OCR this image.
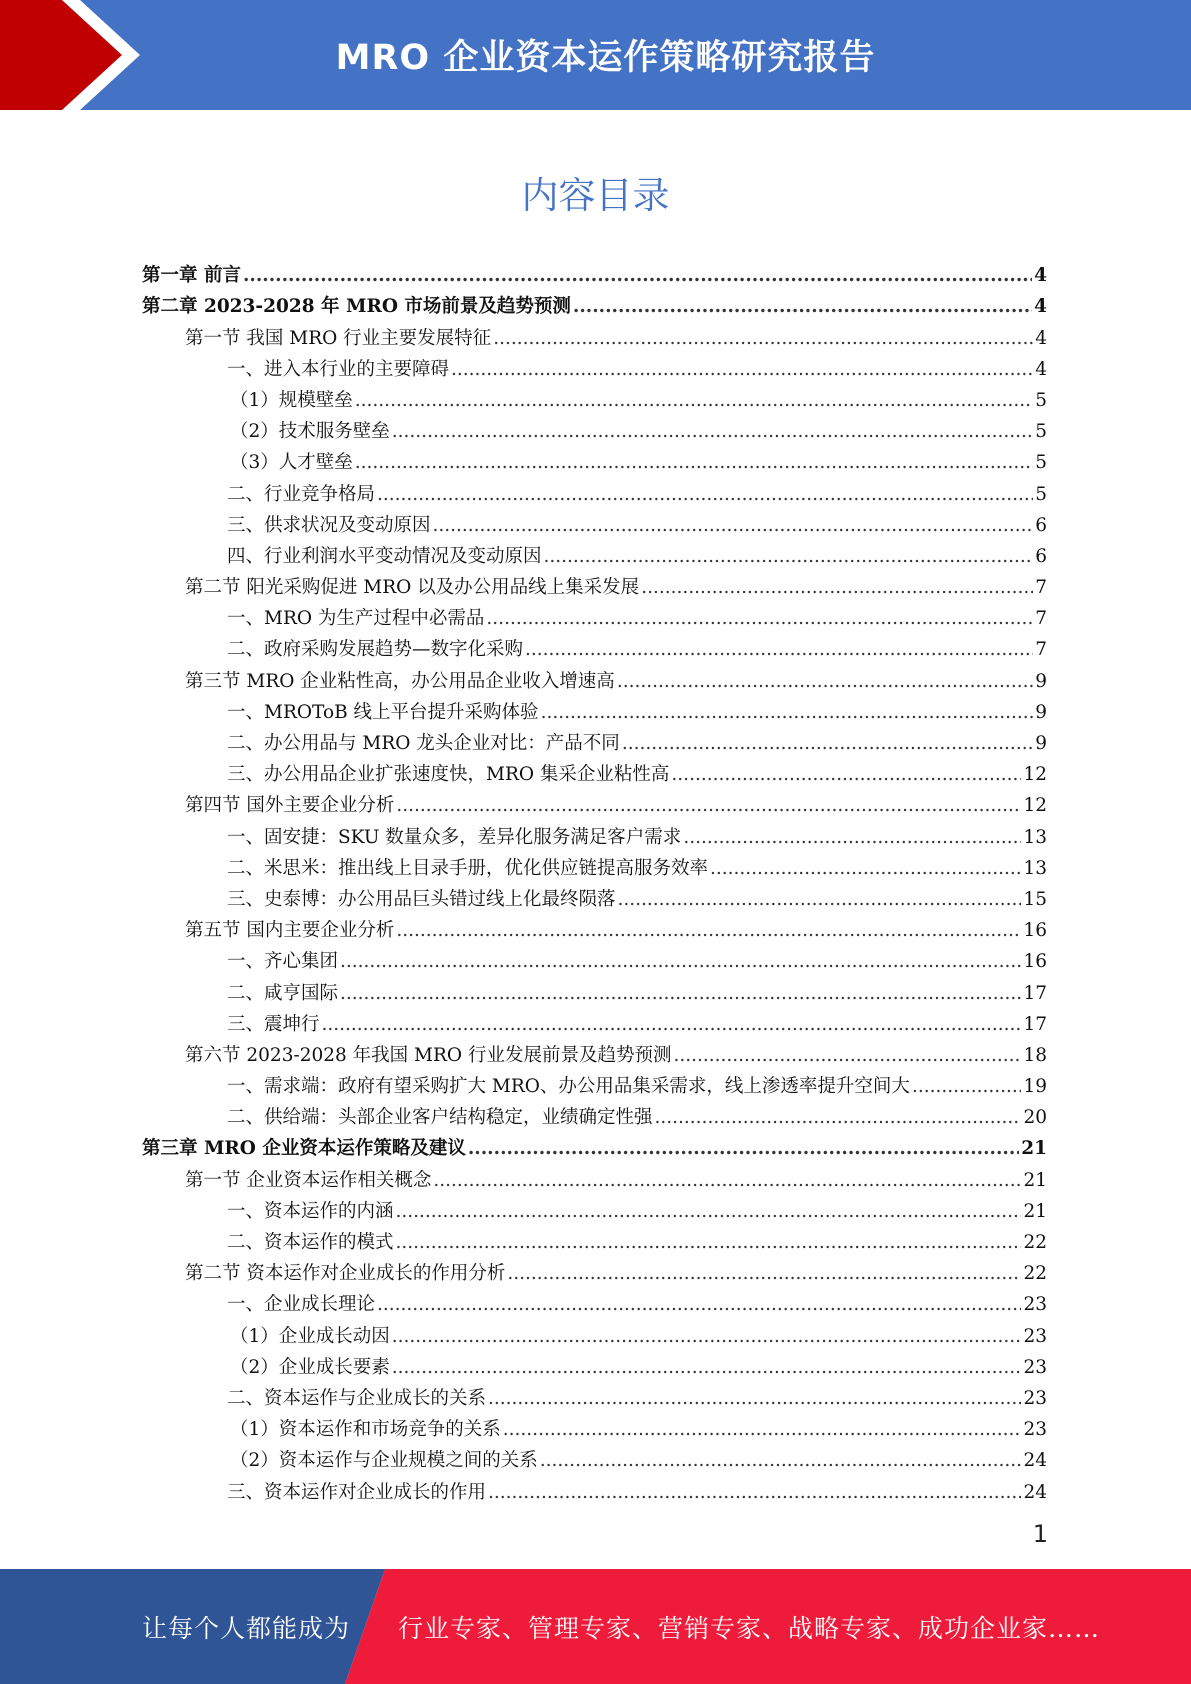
MRO 企业资本运作策略研究报告
内容目录
第一章 前言 .....	4
第二章 2023-2028 年 MRO 市场前景及趋势预测 .....	4
第一节 我国 MRO 行业主要发展特征 .....	4
一、进入本行业的主要障碍 .....	4
（1）规模壁垒 .....	5
（2）技术服务壁垒 .....	5
（3）人才壁垒 .....	5
二、行业竞争格局 .....	5
三、供求状况及变动原因 .....	6
四、行业利润水平变动情况及变动原因 .....	6
第二节 阳光采购促进 MRO 以及办公用品线上集采发展 .....	7
一、MRO 为生产过程中必需品 .....	7
二、政府采购发展趋势—数字化采购 .....	7
第三节 MRO 企业粘性高，办公用品企业收入增速高 .....	9
一、MROToB 线上平台提升采购体验 .....	9
二、办公用品与 MRO 龙头企业对比：产品不同 .....	9
三、办公用品企业扩张速度快，MRO 集采企业粘性高 .....	12
第四节 国外主要企业分析 .....	12
一、固安捷：SKU 数量众多，差异化服务满足客户需求 .....	13
二、米思米：推出线上目录手册，优化供应链提高服务效率 .....	13
三、史泰博：办公用品巨头错过线上化最终陨落 .....	15
第五节 国内主要企业分析 .....	16
一、齐心集团 .....	16
二、咸亨国际 .....	17
三、震坤行 .....	17
第六节 2023-2028 年我国 MRO 行业发展前景及趋势预测 .....	18
一、需求端：政府有望采购扩大 MRO、办公用品集采需求，线上渗透率提升空间大 .....	19
二、供给端：头部企业客户结构稳定，业绩确定性强 .....	20
第三章 MRO 企业资本运作策略及建议 .....	21
第一节 企业资本运作相关概念 .....	21
一、资本运作的内涵 .....	21
二、资本运作的模式 .....	22
第二节 资本运作对企业成长的作用分析 .....	22
一、企业成长理论 .....	23
（1）企业成长动因 .....	23
（2）企业成长要素 .....	23
二、资本运作与企业成长的关系 .....	23
（1）资本运作和市场竞争的关系 .....	23
（2）资本运作与企业规模之间的关系 .....	24
三、资本运作对企业成长的作用 .....	24
1
让每个人都能成为 行业专家、管理专家、营销专家、战略专家、成功企业家……
